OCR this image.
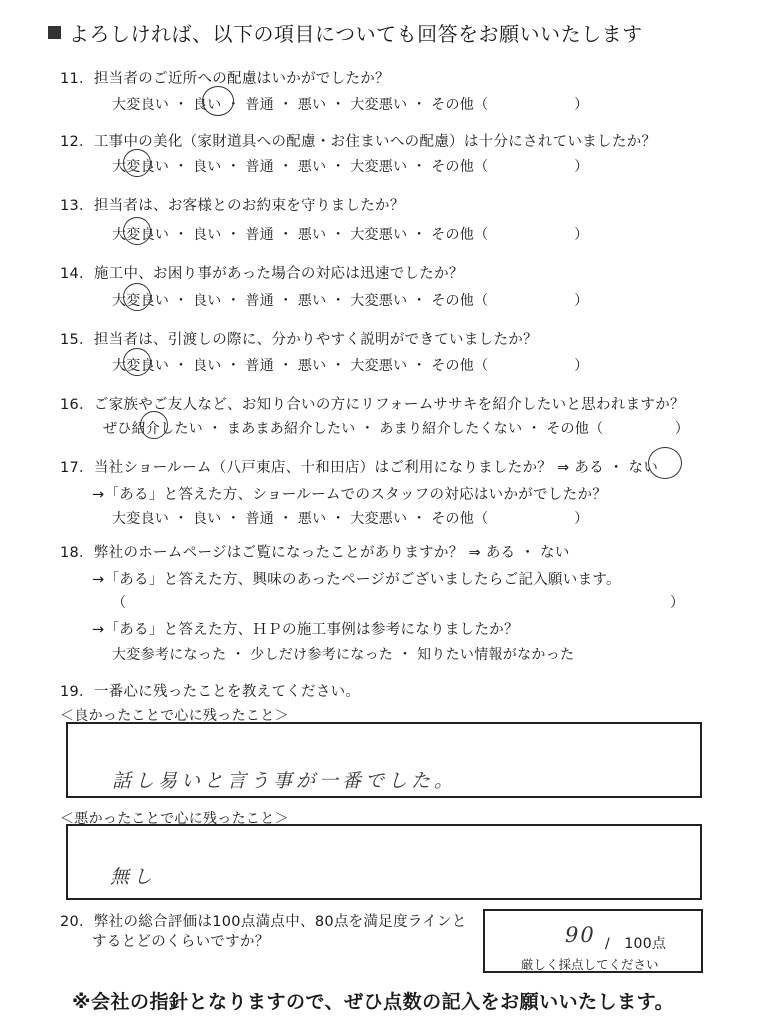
よろしければ、以下の項目についても回答をお願いいたします
11．担当者のご近所への配慮はいかがでしたか？
大変良い ・ 良い ・ 普通 ・ 悪い ・ 大変悪い ・ その他（　　　　　　）
12．工事中の美化（家財道具への配慮・お住まいへの配慮）は十分にされていましたか？
大変良い ・ 良い ・ 普通 ・ 悪い ・ 大変悪い ・ その他（　　　　　　）
13．担当者は、お客様とのお約束を守りましたか？
大変良い ・ 良い ・ 普通 ・ 悪い ・ 大変悪い ・ その他（　　　　　　）
14．施工中、お困り事があった場合の対応は迅速でしたか？
大変良い ・ 良い ・ 普通 ・ 悪い ・ 大変悪い ・ その他（　　　　　　）
15．担当者は、引渡しの際に、分かりやすく説明ができていましたか？
大変良い ・ 良い ・ 普通 ・ 悪い ・ 大変悪い ・ その他（　　　　　　）
16．ご家族やご友人など、お知り合いの方にリフォームササキを紹介したいと思われますか？
ぜひ紹介したい ・ まあまあ紹介したい ・ あまり紹介したくない ・ その他（　　　　　）
17．当社ショールーム（八戸東店、十和田店）はご利用になりましたか？ ⇒ ある ・ ない
→「ある」と答えた方、ショールームでのスタッフの対応はいかがでしたか？
大変良い ・ 良い ・ 普通 ・ 悪い ・ 大変悪い ・ その他（　　　　　　）
18．弊社のホームページはご覧になったことがありますか？ ⇒ ある ・ ない
→「ある」と答えた方、興味のあったページがございましたらご記入願います。
（	）
→「ある」と答えた方、ＨＰの施工事例は参考になりましたか？
大変参考になった ・ 少しだけ参考になった ・ 知りたい情報がなかった
19．一番心に残ったことを教えてください。
＜良かったことで心に残ったこと＞
話し易いと言う事が一番でした。
＜悪かったことで心に残ったこと＞
無し
20．弊社の総合評価は100点満点中、80点を満足度ラインと
するとどのくらいですか？	90 /　100点
厳しく採点してください
※会社の指針となりますので、ぜひ点数の記入をお願いいたします。
